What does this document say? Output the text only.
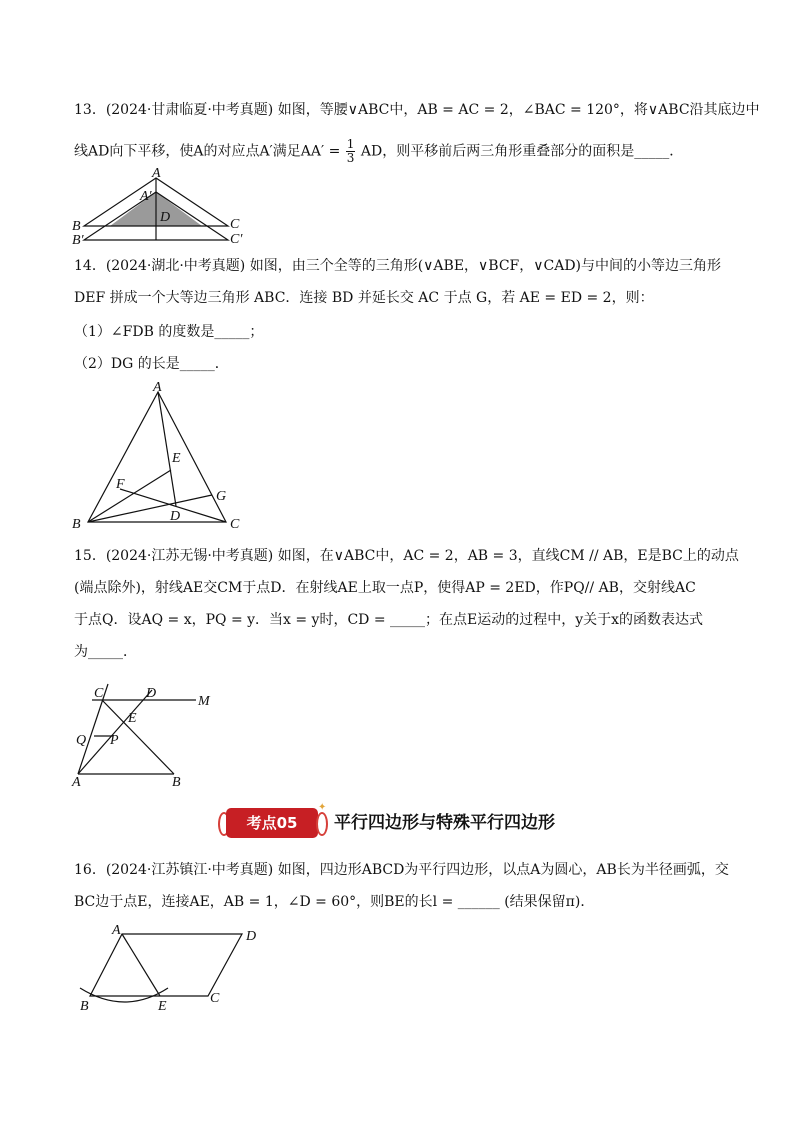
13．(2024·甘肃临夏·中考真题) 如图，等腰∨ABC中，AB = AC = 2，∠BAC = 120°，将∨ABC沿其底边中
线AD向下平移，使A的对应点A′满足$AA' = \frac{1}{3}$ AD，则平移前后两三角形重叠部分的面积是_____．
A
A′
D
B
B′
C
C′
14．(2024·湖北·中考真题) 如图，由三个全等的三角形(∨ABE，∨BCF，∨CAD)与中间的小等边三角形
DEF 拼成一个大等边三角形 ABC．连接 BD 并延长交 AC 于点 G，若 AE = ED = 2，则：
（1）∠FDB 的度数是_____；
（2）DG 的长是_____．
A
E
F
G
B
D
C
15．(2024·江苏无锡·中考真题) 如图，在∨ABC中，AC = 2，AB = 3，直线CM // AB，E是BC上的动点
(端点除外)，射线AE交CM于点D．在射线AE上取一点P，使得AP = 2ED，作PQ// AB，交射线AC
于点Q．设AQ = x，PQ = y．当x = y时，CD = _____；在点E运动的过程中，y关于x的函数表达式
为_____．
C	D
M
E
Q P
A	B
考点05
✦
平行四边形与特殊平行四边形
16．(2024·江苏镇江·中考真题) 如图，四边形ABCD为平行四边形，以点A为圆心，AB长为半径画弧，交
BC边于点E，连接AE，AB = 1，∠D = 60°，则BE的长l = ______ (结果保留π)．
A	D
B	E
C
